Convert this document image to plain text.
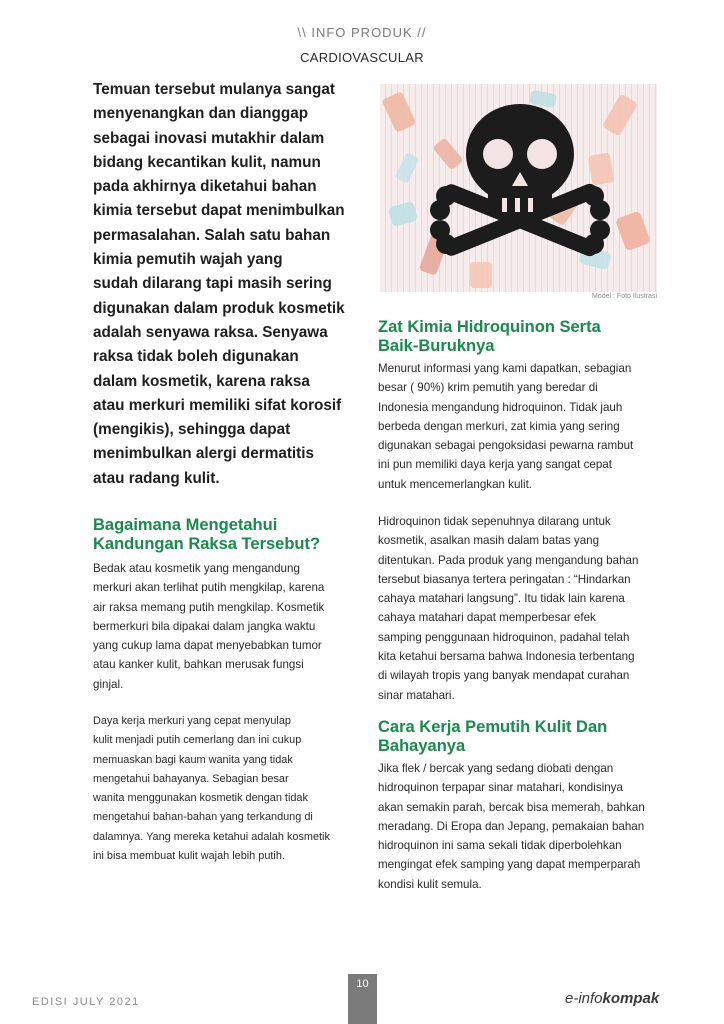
\\ INFO PRODUK //
CARDIOVASCULAR
Temuan tersebut mulanya sangat
menyenangkan dan dianggap
sebagai inovasi mutakhir dalam
bidang kecantikan kulit, namun
pada akhirnya diketahui bahan
kimia tersebut dapat menimbulkan
permasalahan. Salah satu bahan
kimia pemutih wajah yang
sudah dilarang tapi masih sering
digunakan dalam produk kosmetik
adalah senyawa raksa. Senyawa
raksa tidak boleh digunakan
dalam kosmetik, karena raksa
atau merkuri memiliki sifat korosif
(mengikis), sehingga dapat
menimbulkan alergi dermatitis
atau radang kulit.
Bagaimana Mengetahui
Kandungan Raksa Tersebut?
Bedak atau kosmetik yang mengandung
merkuri akan terlihat putih mengkilap, karena
air raksa memang putih mengkilap. Kosmetik
bermerkuri bila dipakai dalam jangka waktu
yang cukup lama dapat menyebabkan tumor
atau kanker kulit, bahkan merusak fungsi
ginjal.
Daya kerja merkuri yang cepat menyulap
kulit menjadi putih cemerlang dan ini cukup
memuaskan bagi kaum wanita yang tidak
mengetahui bahayanya. Sebagian besar
wanita menggunakan kosmetik dengan tidak
mengetahui bahan-bahan yang terkandung di
dalamnya. Yang mereka ketahui adalah kosmetik
ini bisa membuat kulit wajah lebih putih.
Model : Foto Ilustrasi
Zat Kimia Hidroquinon Serta
Baik-Buruknya
Menurut informasi yang kami dapatkan, sebagian
besar ( 90%) krim pemutih yang beredar di
Indonesia mengandung hidroquinon. Tidak jauh
berbeda dengan merkuri, zat kimia yang sering
digunakan sebagai pengoksidasi pewarna rambut
ini pun memiliki daya kerja yang sangat cepat
untuk mencemerlangkan kulit.
Hidroquinon tidak sepenuhnya dilarang untuk
kosmetik, asalkan masih dalam batas yang
ditentukan. Pada produk yang mengandung bahan
tersebut biasanya tertera peringatan : “Hindarkan
cahaya matahari langsung”. Itu tidak lain karena
cahaya matahari dapat memperbesar efek
samping penggunaan hidroquinon, padahal telah
kita ketahui bersama bahwa Indonesia terbentang
di wilayah tropis yang banyak mendapat curahan
sinar matahari.
Cara Kerja Pemutih Kulit Dan
Bahayanya
Jika flek / bercak yang sedang diobati dengan
hidroquinon terpapar sinar matahari, kondisinya
akan semakin parah, bercak bisa memerah, bahkan
meradang. Di Eropa dan Jepang, pemakaian bahan
hidroquinon ini sama sekali tidak diperbolehkan
mengingat efek samping yang dapat memperparah
kondisi kulit semula.
EDISI JULY 2021
10
e-infokompak
